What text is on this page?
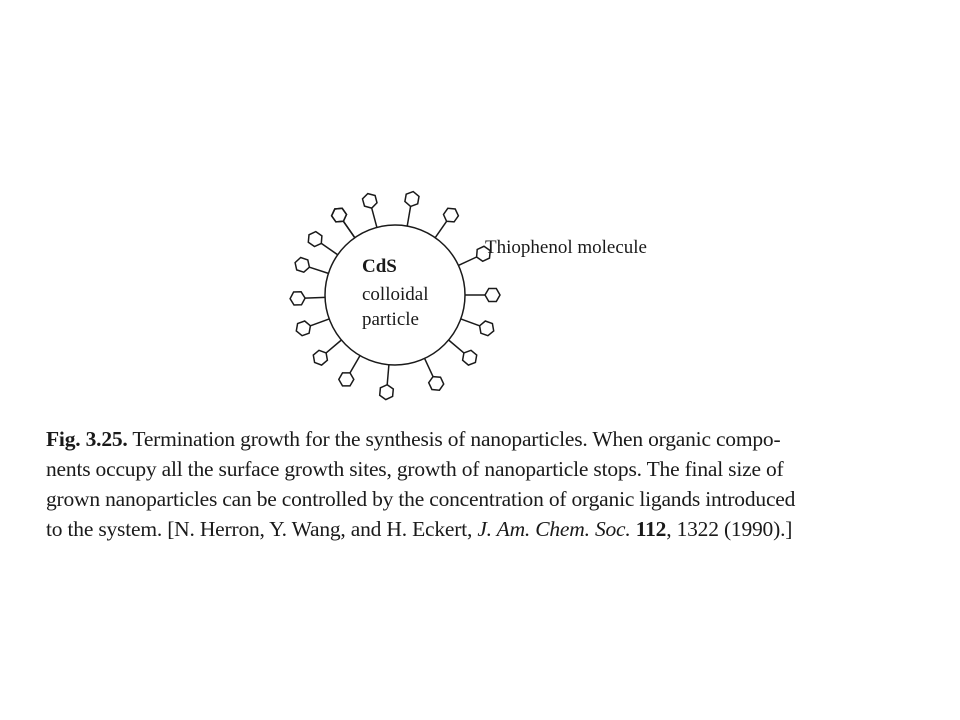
CdS
colloidal
particle
Thiophenol molecule
Fig. 3.25. Termination growth for the synthesis of nanoparticles. When organic compo-
nents occupy all the surface growth sites, growth of nanoparticle stops. The final size of
grown nanoparticles can be controlled by the concentration of organic ligands introduced
to the system. [N. Herron, Y. Wang, and H. Eckert, J. Am. Chem. Soc. 112, 1322 (1990).]
